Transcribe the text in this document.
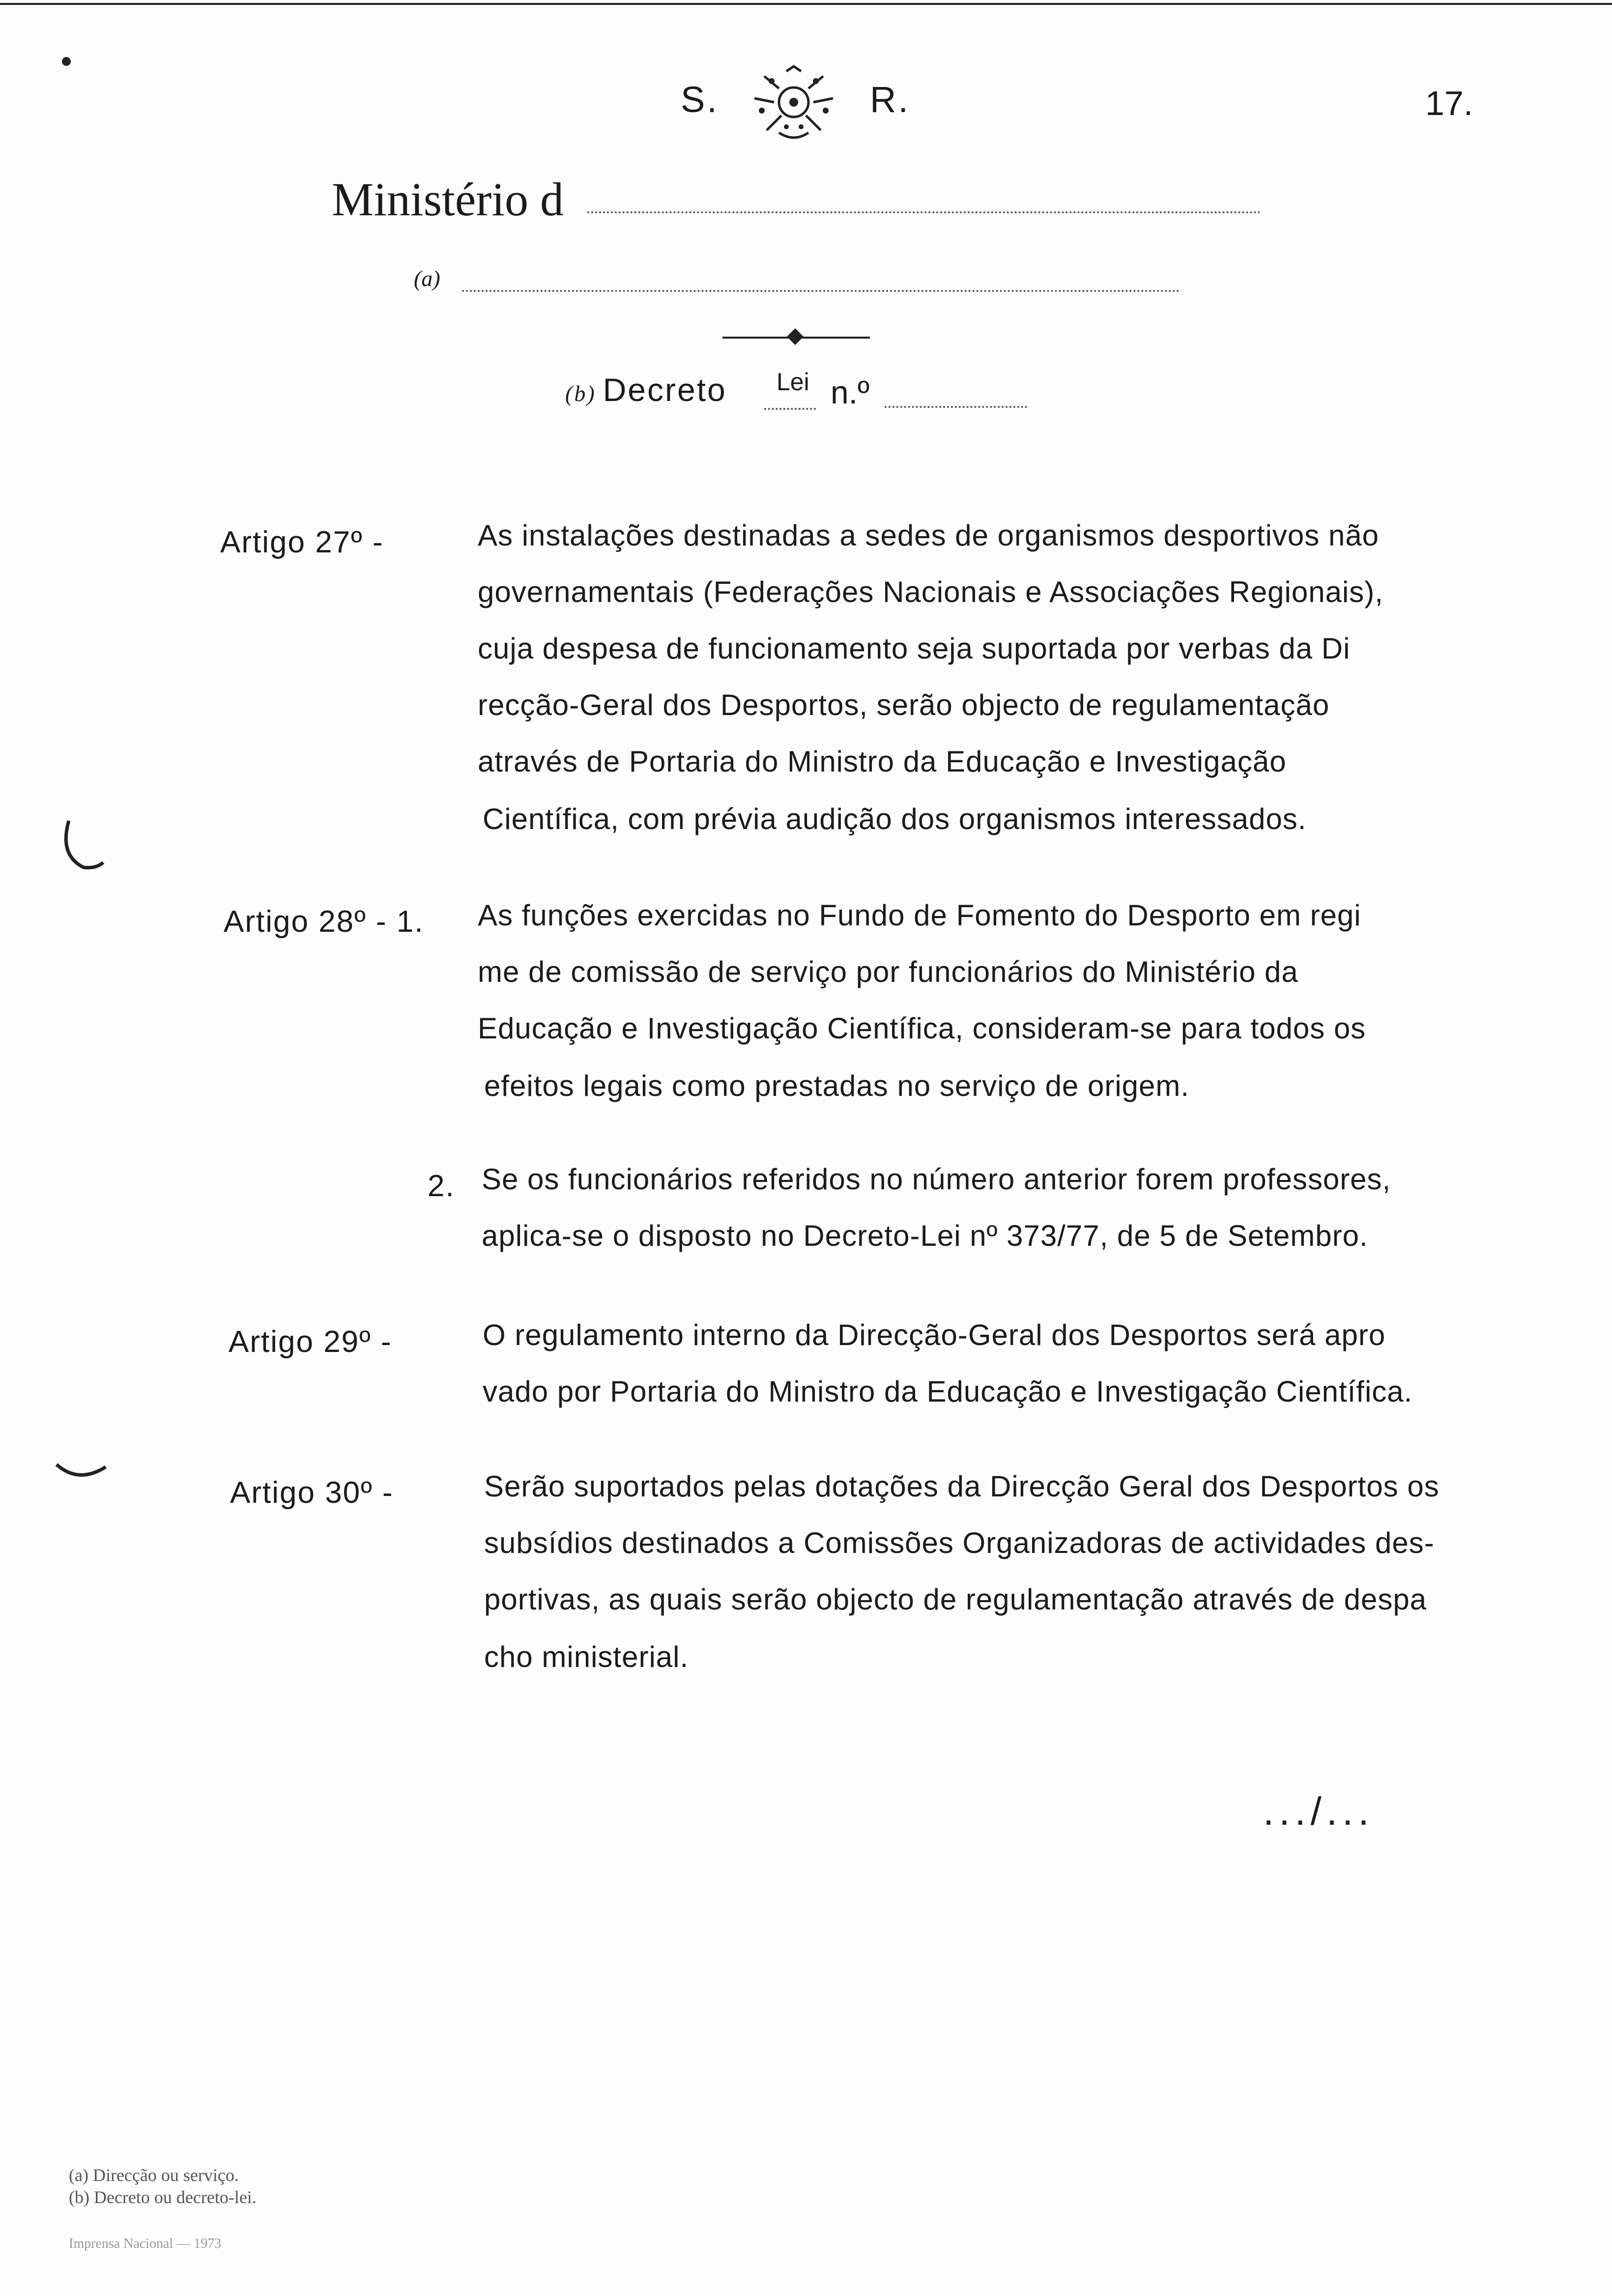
S.	R.	17.
Ministério d
(a)
(b) Decreto Lei n.º
Artigo 27º -	As instalações destinadas a sedes de organismos desportivos não
governamentais (Federações Nacionais e Associações Regionais),
cuja despesa de funcionamento seja suportada por verbas da Di
recção-Geral dos Desportos, serão objecto de regulamentação
através de Portaria do Ministro da Educação e Investigação
Científica, com prévia audição dos organismos interessados.
Artigo 28º - 1. As funções exercidas no Fundo de Fomento do Desporto em regi
me de comissão de serviço por funcionários do Ministério da
Educação e Investigação Científica, consideram-se para todos os
efeitos legais como prestadas no serviço de origem.
2. Se os funcionários referidos no número anterior forem professores,
aplica-se o disposto no Decreto-Lei nº 373/77, de 5 de Setembro.
Artigo 29º -	O regulamento interno da Direcção-Geral dos Desportos será apro
vado por Portaria do Ministro da Educação e Investigação Científica.
Artigo 30º -	Serão suportados pelas dotações da Direcção Geral dos Desportos os
subsídios destinados a Comissões Organizadoras de actividades des-
portivas, as quais serão objecto de regulamentação através de despa
cho ministerial.
.../...
(a) Direcção ou serviço.
(b) Decreto ou decreto-lei.
Imprensa Nacional — 1973
